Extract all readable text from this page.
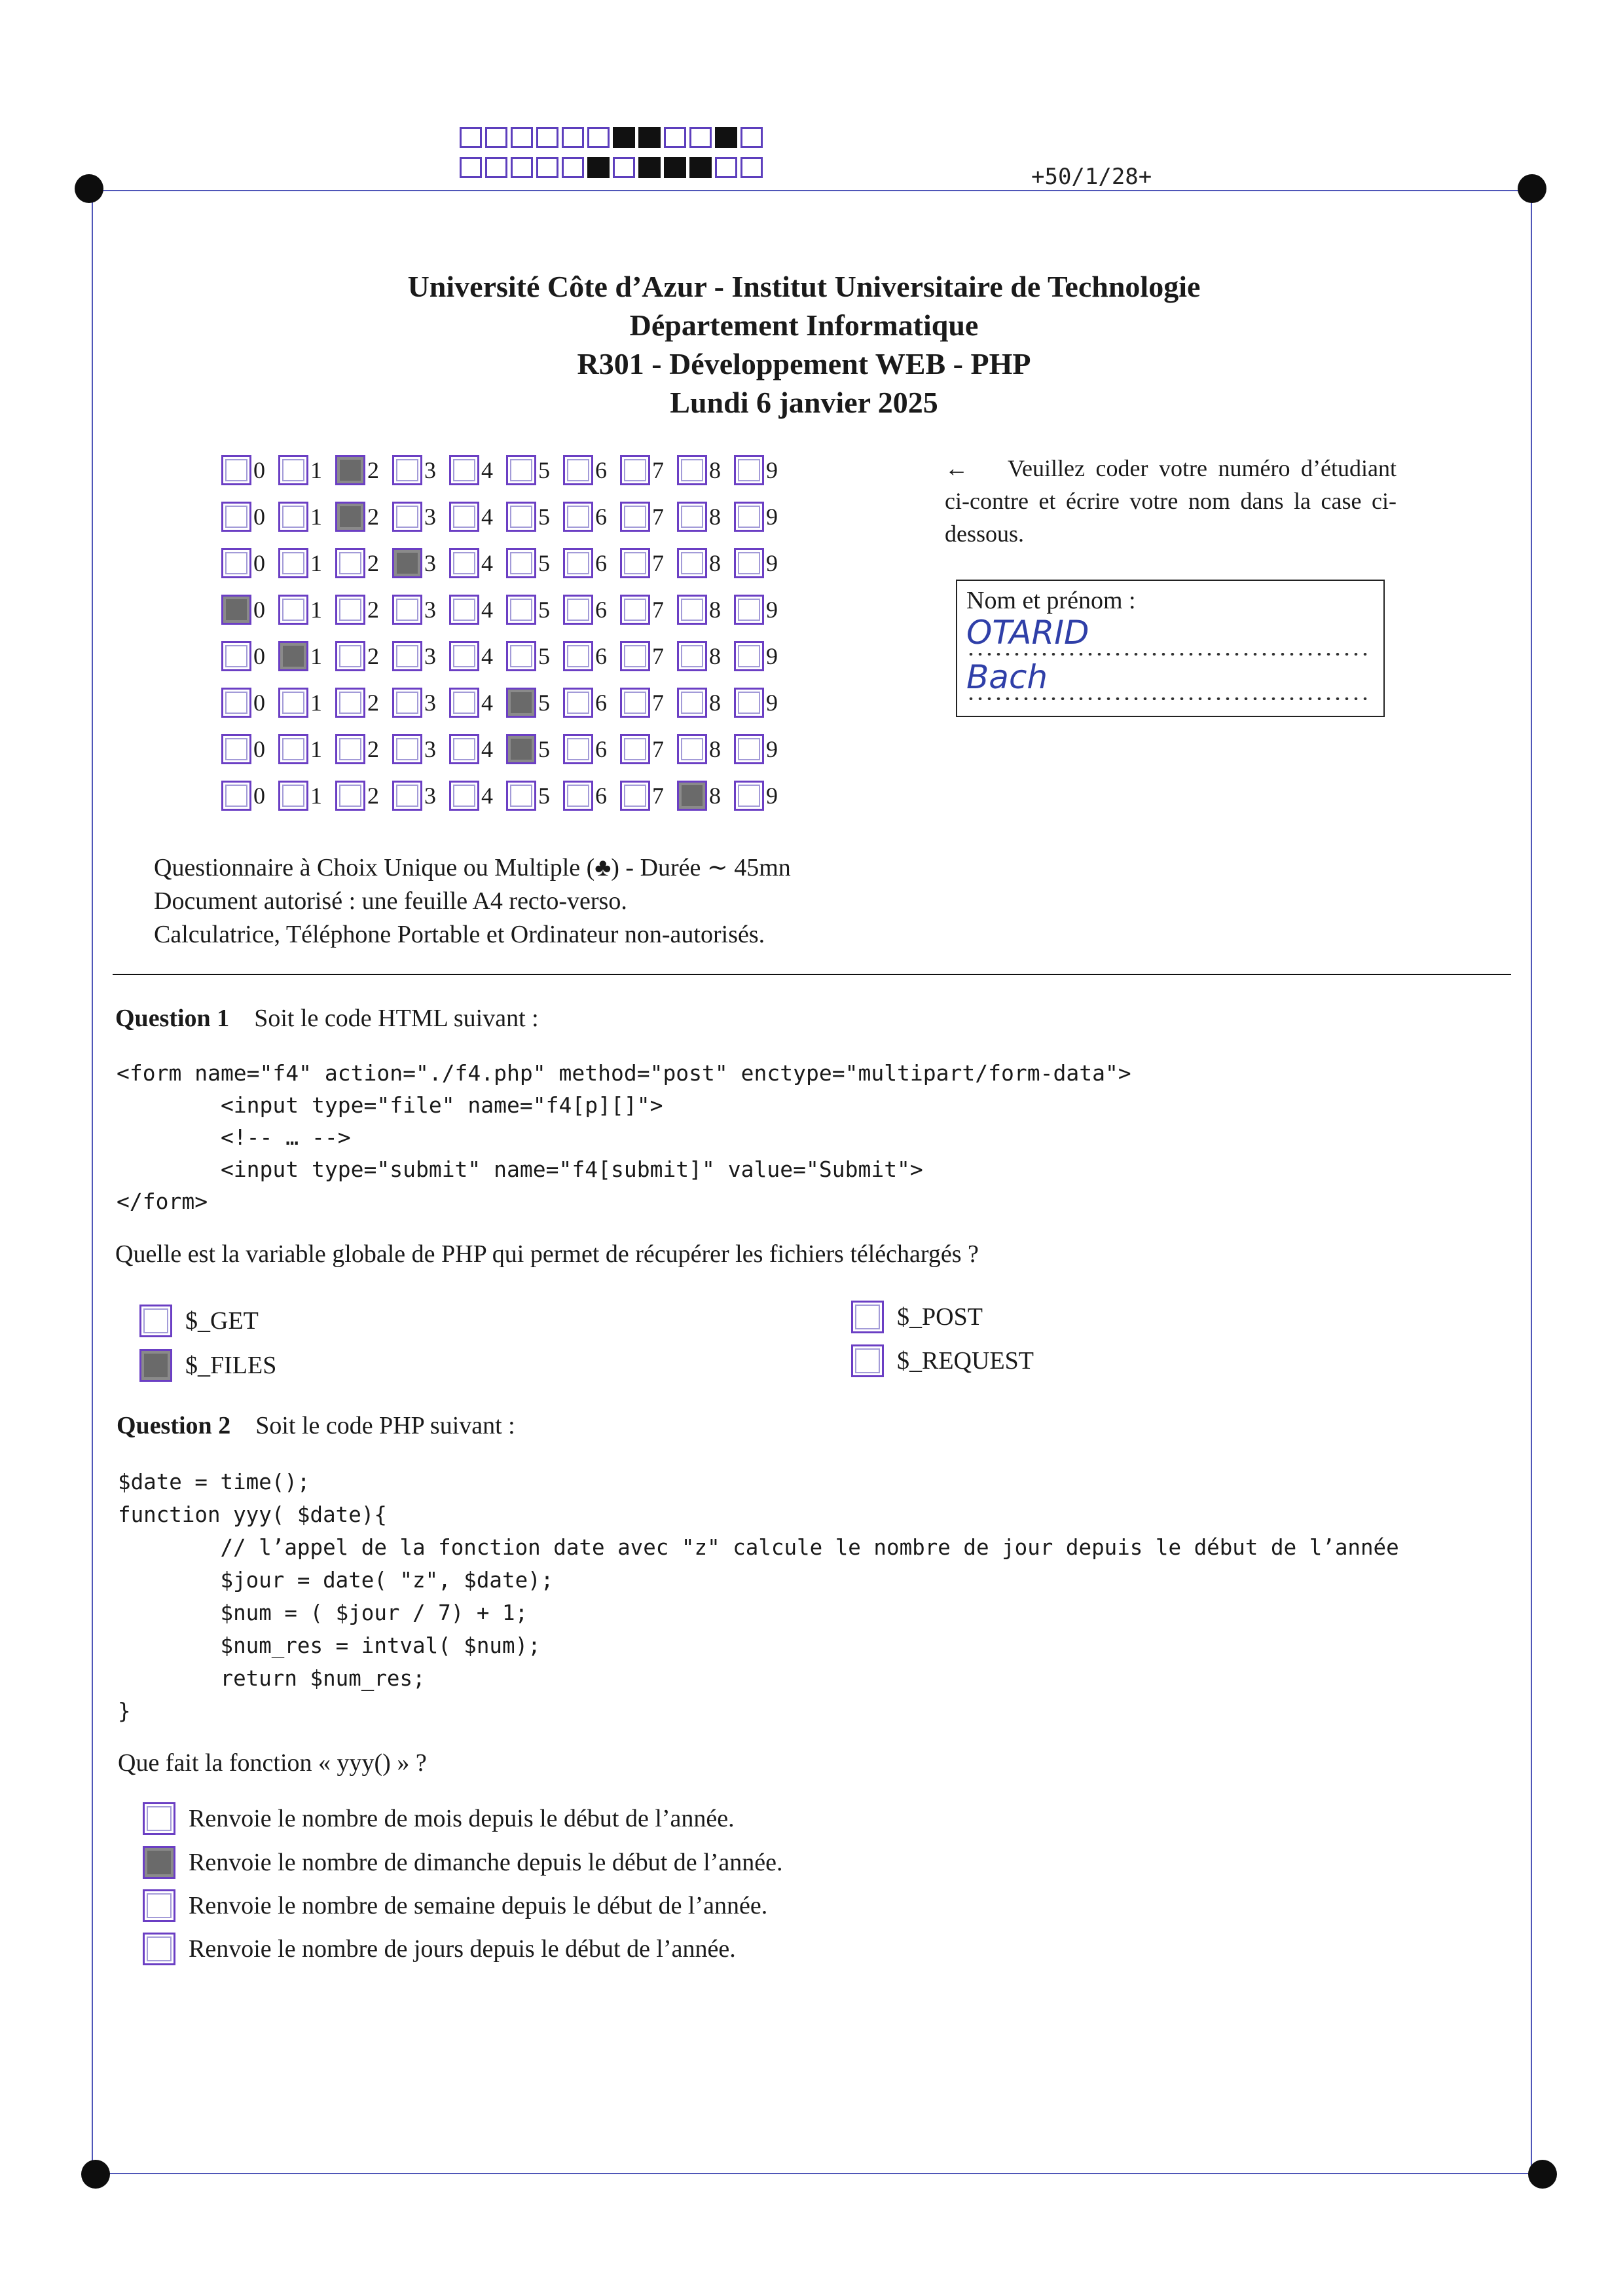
+50/1/28+
Université Côte d’Azur - Institut Universitaire de Technologie
Département Informatique
R301 - Développement WEB - PHP
Lundi 6 janvier 2025
0 1 2 3 4 5 6 7 8 9
0 1 2 3 4 5 6 7 8 9
0 1 2 3 4 5 6 7 8 9
0 1 2 3 4 5 6 7 8 9
0 1 2 3 4 5 6 7 8 9
0 1 2 3 4 5 6 7 8 9
0 1 2 3 4 5 6 7 8 9
0 1 2 3 4 5 6 7 8 9
← Veuillez coder votre numéro d’étudiant ci-contre et écrire votre nom dans la case ci-dessous.
Nom et prénom :
OTARID
Bach
Questionnaire à Choix Unique ou Multiple (♣) - Durée ∼ 45mn
Document autorisé : une feuille A4 recto-verso.
Calculatrice, Téléphone Portable et Ordinateur non-autorisés.
Question 1 Soit le code HTML suivant :
<form name="f4" action="./f4.php" method="post" enctype="multipart/form-data">
<input type="file" name="f4[p][]">
<!-- … -->
<input type="submit" name="f4[submit]" value="Submit">
</form>
Quelle est la variable globale de PHP qui permet de récupérer les fichiers téléchargés ?
$_GET
$_FILES
$_POST
$_REQUEST
Question 2 Soit le code PHP suivant :
$date = time();
function yyy( $date){
// l’appel de la fonction date avec "z" calcule le nombre de jour depuis le début de l’année
$jour = date( "z", $date);
$num = ( $jour / 7) + 1;
$num_res = intval( $num);
return $num_res;
}
Que fait la fonction « yyy() » ?
Renvoie le nombre de mois depuis le début de l’année.
Renvoie le nombre de dimanche depuis le début de l’année.
Renvoie le nombre de semaine depuis le début de l’année.
Renvoie le nombre de jours depuis le début de l’année.
